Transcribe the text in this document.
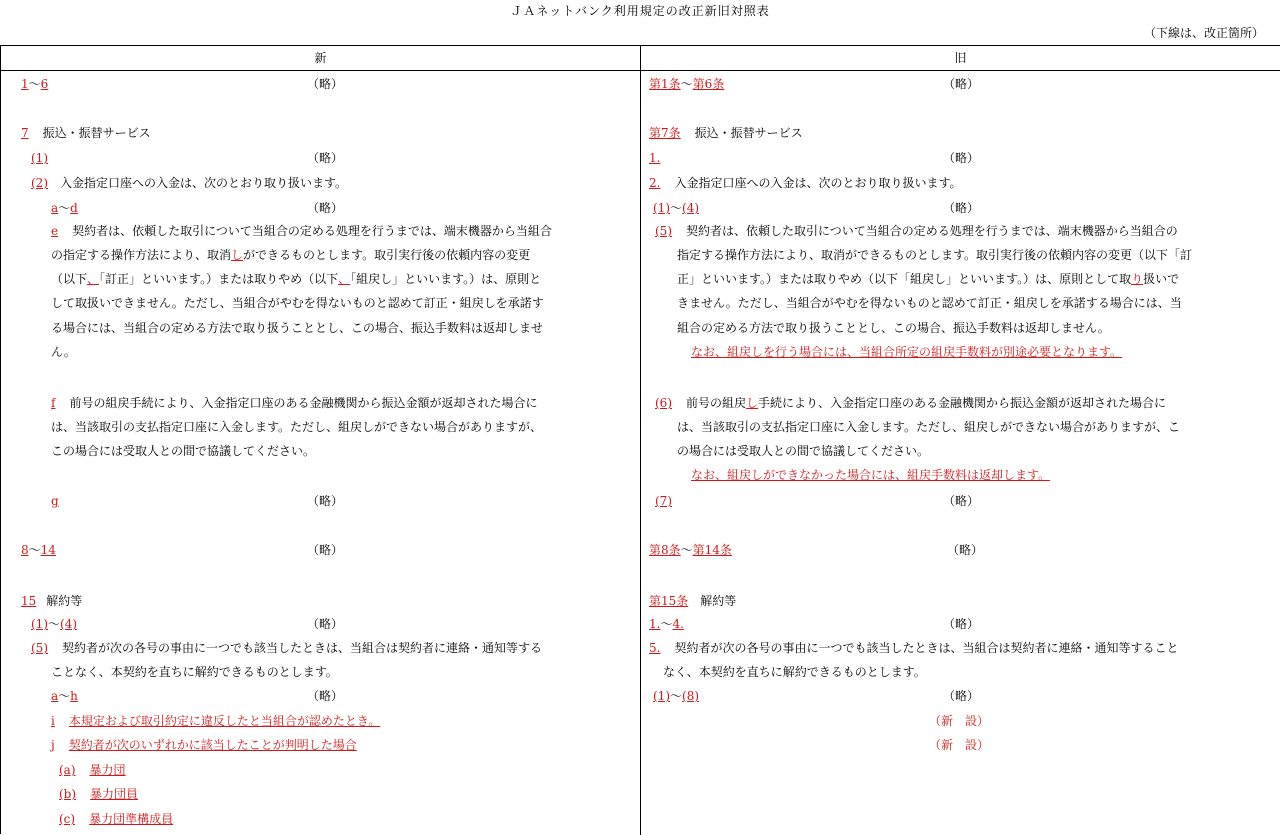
ＪＡネットバンク利用規定の改正新旧対照表
（下線は、改正箇所）
新
1〜6	（略）
7 振込・振替サービス
(1)	（略）
(2) 入金指定口座への入金は、次のとおり取り扱います。
a〜d	（略）
e 契約者は、依頼した取引について当組合の定める処理を行うまでは、端末機器から当組合
の指定する操作方法により、取消しができるものとします。取引実行後の依頼内容の変更
（以下、「訂正」といいます。）または取りやめ（以下、「組戻し」といいます。）は、原則と
して取扱いできません。ただし、当組合がやむを得ないものと認めて訂正・組戻しを承諾す
る場合には、当組合の定める方法で取り扱うこととし、この場合、振込手数料は返却しませ
ん。
f 前号の組戻手続により、入金指定口座のある金融機関から振込金額が返却された場合に
は、当該取引の支払指定口座に入金します。ただし、組戻しができない場合がありますが、
この場合には受取人との間で協議してください。
g	（略）
8〜14	（略）
15 解約等
(1)〜(4)	（略）
(5) 契約者が次の各号の事由に一つでも該当したときは、当組合は契約者に連絡・通知等する
ことなく、本契約を直ちに解約できるものとします。
a〜h	（略）
i 本規定および取引約定に違反したと当組合が認めたとき。
j 契約者が次のいずれかに該当したことが判明した場合
(a) 暴力団
(b) 暴力団員
(c) 暴力団準構成員
旧
第1条〜第6条	（略）
第7条 振込・振替サービス
1.	（略）
2. 入金指定口座への入金は、次のとおり取り扱います。
(1)〜(4)	（略）
(5) 契約者は、依頼した取引について当組合の定める処理を行うまでは、端末機器から当組合の
指定する操作方法により、取消ができるものとします。取引実行後の依頼内容の変更（以下「訂
正」といいます。）または取りやめ（以下「組戻し」といいます。）は、原則として取り扱いで
きません。ただし、当組合がやむを得ないものと認めて訂正・組戻しを承諾する場合には、当
組合の定める方法で取り扱うこととし、この場合、振込手数料は返却しません。
なお、組戻しを行う場合には、当組合所定の組戻手数料が別途必要となります。
(6) 前号の組戻し手続により、入金指定口座のある金融機関から振込金額が返却された場合に
は、当該取引の支払指定口座に入金します。ただし、組戻しができない場合がありますが、こ
の場合には受取人との間で協議してください。
なお、組戻しができなかった場合には、組戻手数料は返却します。
(7)	（略）
第8条〜第14条	（略）
第15条 解約等
1.〜4.	（略）
5. 契約者が次の各号の事由に一つでも該当したときは、当組合は契約者に連絡・通知等すること
なく、本契約を直ちに解約できるものとします。
(1)〜(8)	（略）
（新　設）
（新　設）
